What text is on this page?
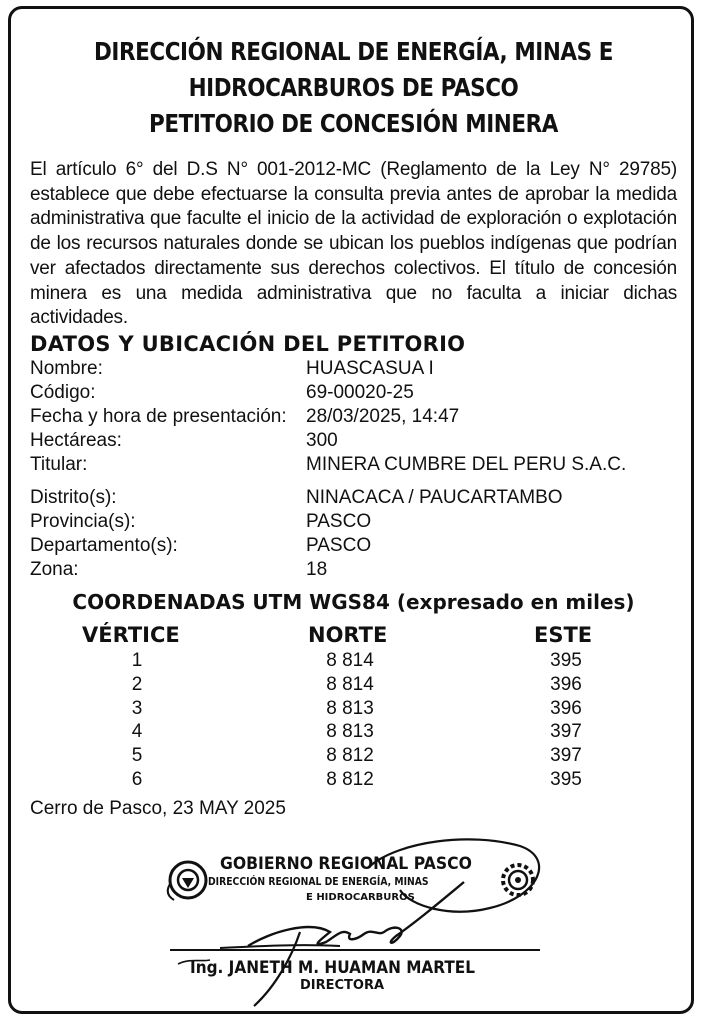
DIRECCIÓN REGIONAL DE ENERGÍA, MINAS E
HIDROCARBUROS DE PASCO
PETITORIO DE CONCESIÓN MINERA
El artículo 6° del D.S N° 001-2012-MC (Reglamento de la Ley N° 29785) establece que debe efectuarse la consulta previa antes de aprobar la medida administrativa que faculte el inicio de la actividad de exploración o explotación de los recursos naturales donde se ubican los pueblos indígenas que podrían ver afectados directamente sus derechos colectivos. El título de concesión minera es una medida administrativa que no faculta a iniciar dichas actividades.
DATOS Y UBICACIÓN DEL PETITORIO
Nombre:	HUASCASUA I
Código:	69-00020-25
Fecha y hora de presentación: 28/03/2025, 14:47
Hectáreas:	300
Titular:	MINERA CUMBRE DEL PERU S.A.C.
Distrito(s):	NINACACA / PAUCARTAMBO
Provincia(s):	PASCO
Departamento(s):	PASCO
Zona:	18
COORDENADAS UTM WGS84 (expresado en miles)
VÉRTICE	NORTE	ESTE
1	8 814	395
2	8 814	396
3	8 813	396
4	8 813	397
5	8 812	397
6	8 812	395
Cerro de Pasco, 23 MAY 2025
GOBIERNO REGIONAL PASCO
DIRECCIÓN REGIONAL DE ENERGÍA, MINAS
E HIDROCARBUROS
Ing. JANETH M. HUAMAN MARTEL
DIRECTORA
